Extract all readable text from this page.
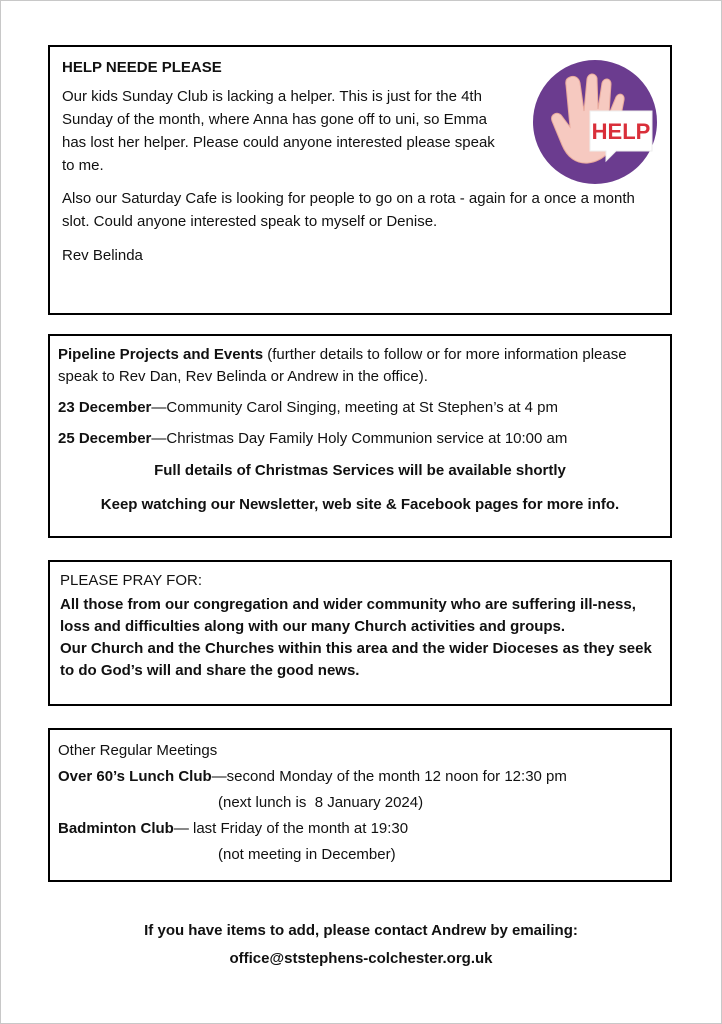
HELP NEEDE PLEASE

Our kids Sunday Club is lacking a helper. This is just for the 4th Sunday of the month, where Anna has gone off to uni, so Emma has lost her helper. Please could anyone interested please speak to me.

Also our Saturday Cafe is looking for people to go on a rota - again for a once a month slot. Could anyone interested speak to myself or Denise.

Rev Belinda

HELP

Pipeline Projects and Events (further details to follow or for more information please speak to Rev Dan, Rev Belinda or Andrew in the office).

23 December—Community Carol Singing, meeting at St Stephen’s at 4 pm

25 December—Christmas Day Family Holy Communion service at 10:00 am

Full details of Christmas Services will be available shortly

Keep watching our Newsletter, web site & Facebook pages for more info.

PLEASE PRAY FOR:

All those from our congregation and wider community who are suffering ill-ness, loss and difficulties along with our many Church activities and groups.

Our Church and the Churches within this area and the wider Dioceses as they seek to do God’s will and share the good news.

Other Regular Meetings

Over 60’s Lunch Club—second Monday of the month 12 noon for 12:30 pm

(next lunch is  8 January 2024)

Badminton Club— last Friday of the month at 19:30

(not meeting in December)

If you have items to add, please contact Andrew by emailing:

office@ststephens-colchester.org.uk
